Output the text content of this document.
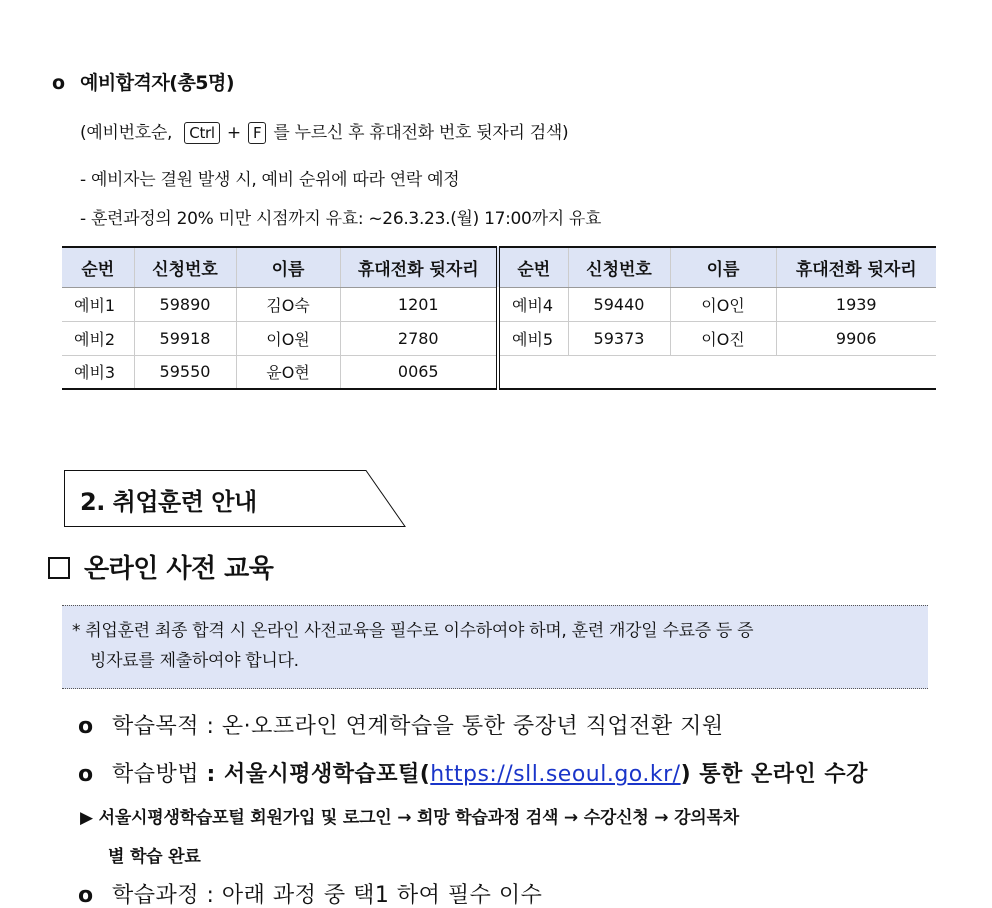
o 예비합격자(총5명)
(예비번호순, Ctrl + F 를 누르신 후 휴대전화 번호 뒷자리 검색)
- 예비자는 결원 발생 시, 예비 순위에 따라 연락 예정
- 훈련과정의 20% 미만 시점까지 유효: ~26.3.23.(월) 17:00까지 유효
순번	신청번호	이름	휴대전화 뒷자리	순번	신청번호	이름	휴대전화 뒷자리
예비1	59890	김O숙	1201	예비4	59440	이O인	1939
예비2	59918	이O원	2780	예비5	59373	이O진	9906
예비3	59550	윤O현	0065				
2. 취업훈련 안내
온라인 사전 교육
* 취업훈련 최종 합격 시 온라인 사전교육을 필수로 이수하여야 하며, 훈련 개강일 수료증 등 증
빙자료를 제출하여야 합니다.
o 학습목적 : 온·오프라인 연계학습을 통한 중장년 직업전환 지원
o 학습방법 : 서울시평생학습포털(https://sll.seoul.go.kr/) 통한 온라인 수강
▶ 서울시평생학습포털 회원가입 및 로그인 → 희망 학습과정 검색 → 수강신청 → 강의목차
별 학습 완료
o 학습과정 : 아래 과정 중 택1 하여 필수 이수
